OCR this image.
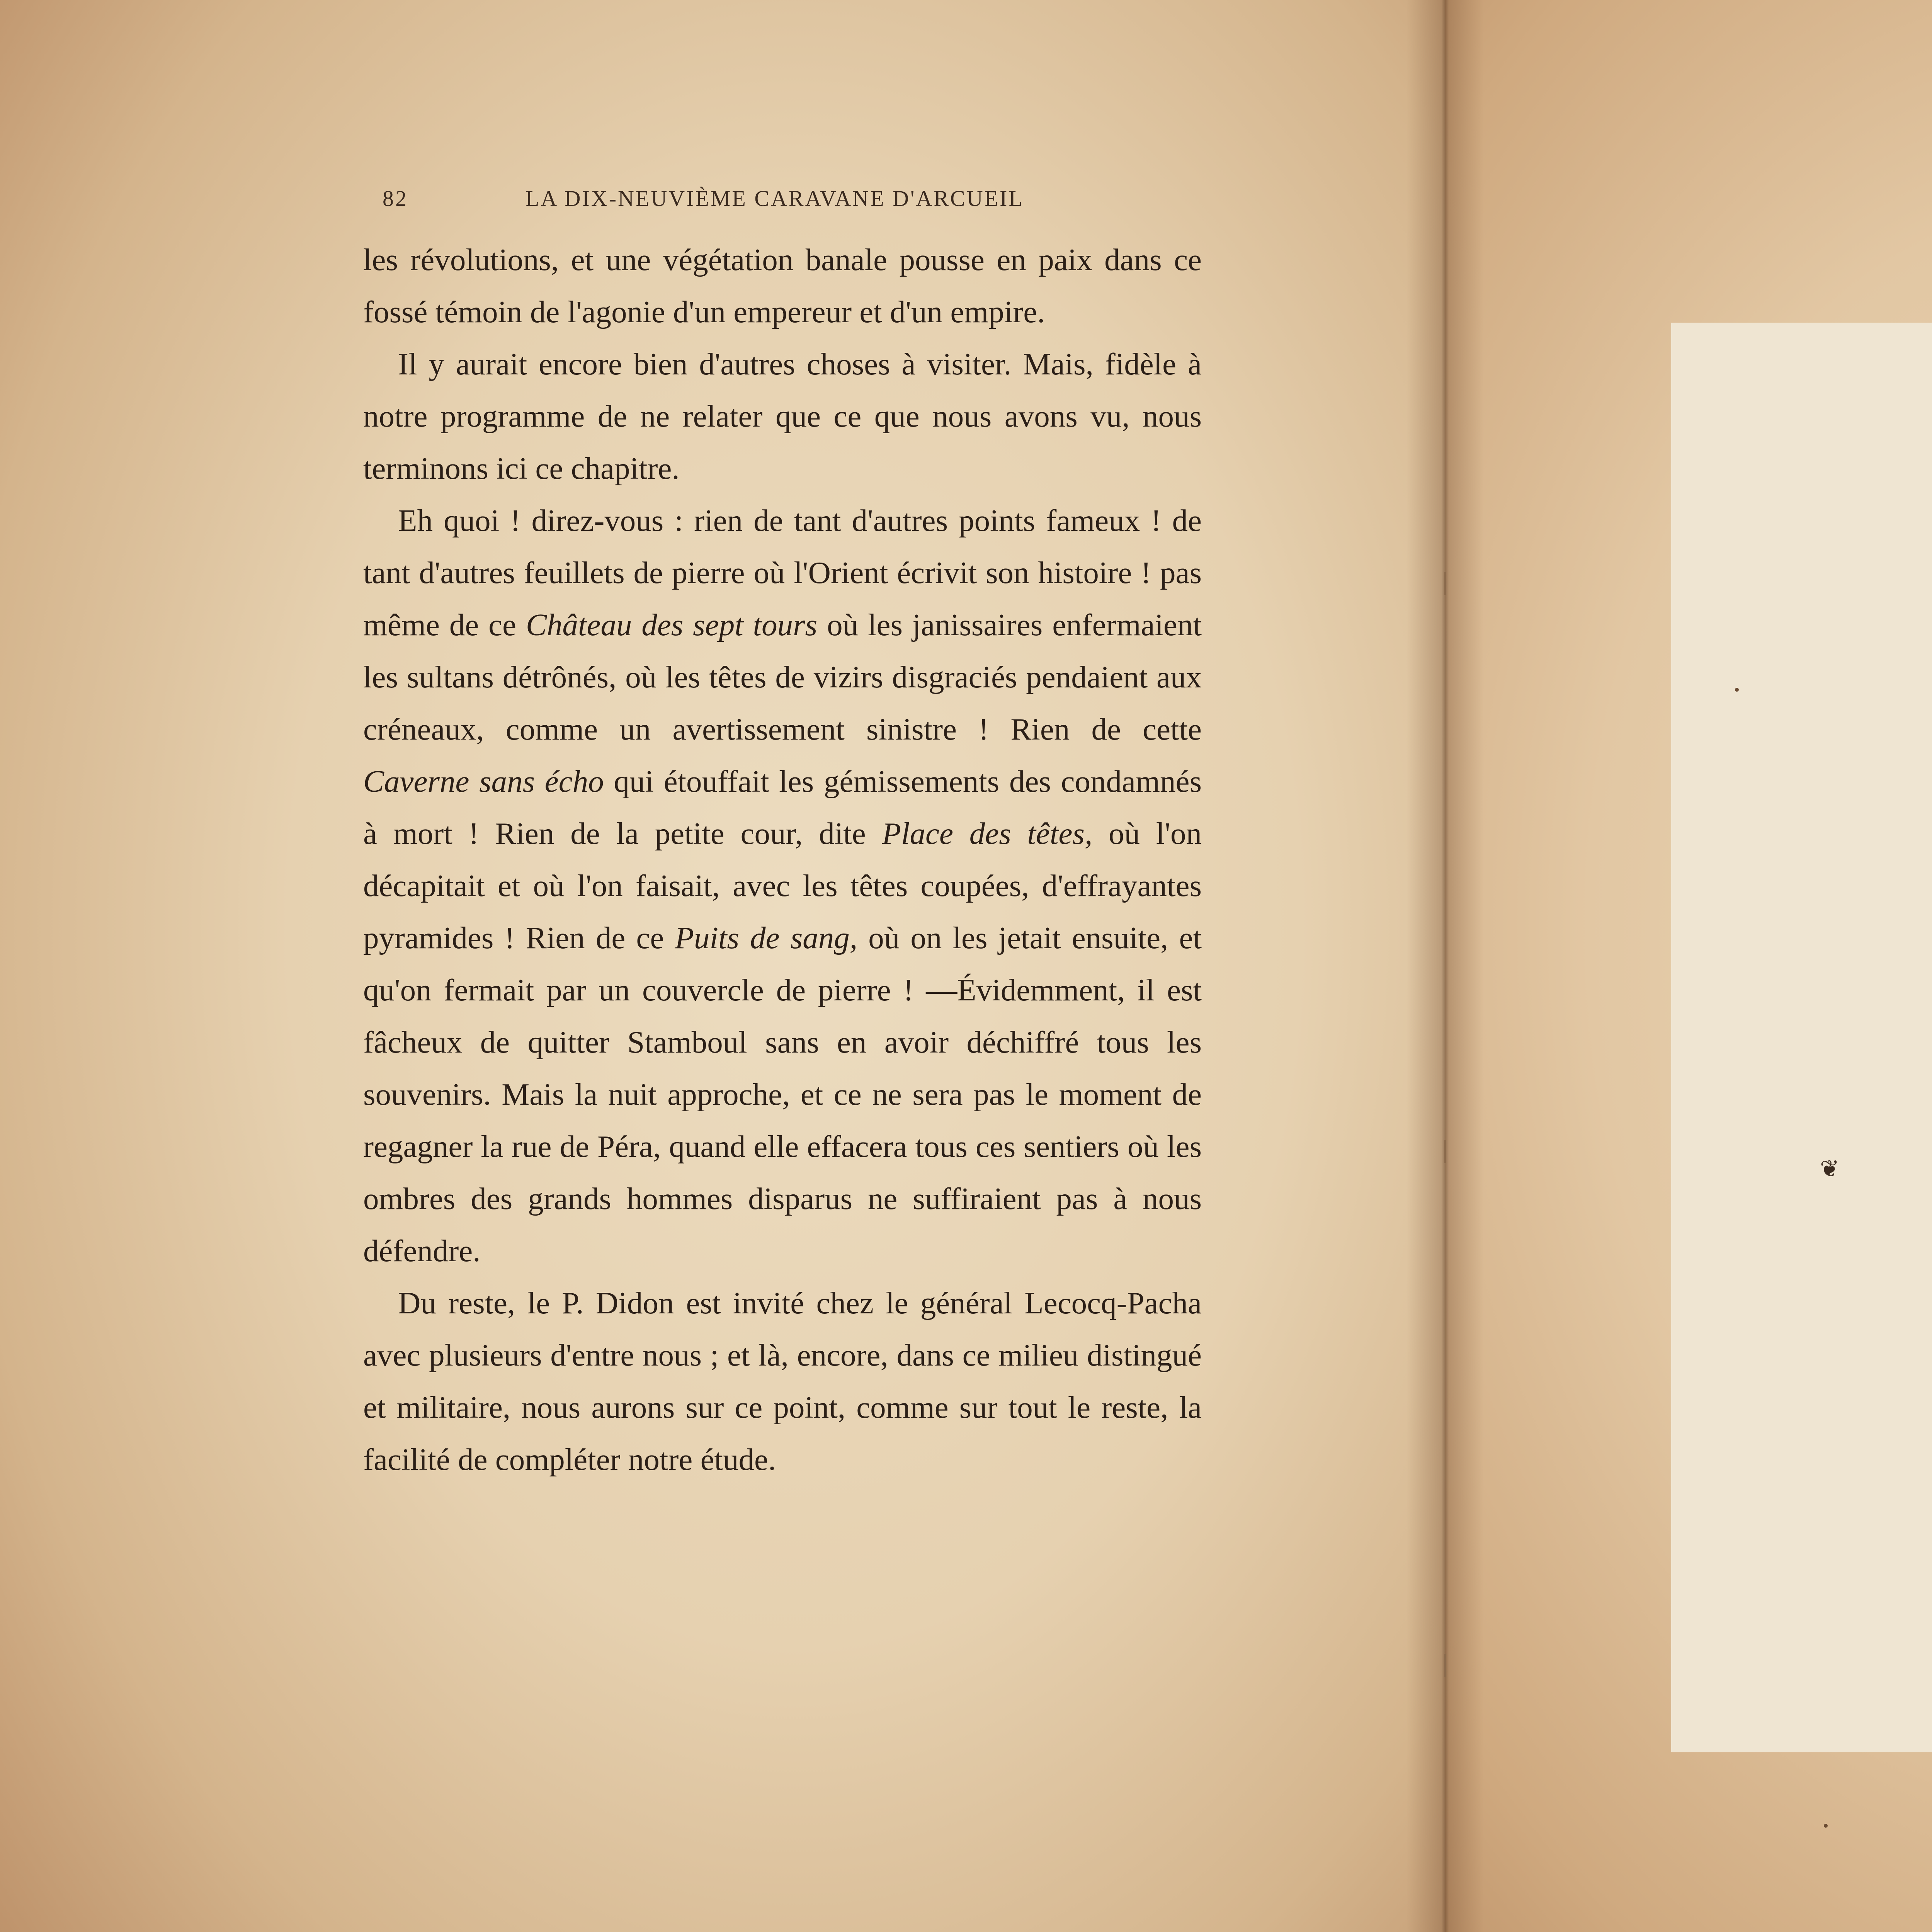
82	LA DIX-NEUVIÈME CARAVANE D'ARCUEIL

les révolutions, et une végétation banale pousse en paix dans ce fossé témoin de l'agonie d'un empereur et d'un empire.

Il y aurait encore bien d'autres choses à visiter. Mais, fidèle à notre programme de ne relater que ce que nous avons vu, nous terminons ici ce chapitre.

Eh quoi ! direz-vous : rien de tant d'autres points fameux ! de tant d'autres feuillets de pierre où l'Orient écrivit son histoire ! pas même de ce Château des sept tours où les janissaires enfermaient les sultans détrônés, où les têtes de vizirs disgraciés pendaient aux créneaux, comme un avertissement sinistre ! Rien de cette Caverne sans écho qui étouffait les gémissements des condamnés à mort ! Rien de la petite cour, dite Place des têtes, où l'on décapitait et où l'on faisait, avec les têtes coupées, d'effrayantes pyramides ! Rien de ce Puits de sang, où on les jetait ensuite, et qu'on fermait par un couvercle de pierre ! —Évidemment, il est fâcheux de quitter Stamboul sans en avoir déchiffré tous les souvenirs. Mais la nuit approche, et ce ne sera pas le moment de regagner la rue de Péra, quand elle effacera tous ces sentiers où les ombres des grands hommes disparus ne suffiraient pas à nous défendre.

Du reste, le P. Didon est invité chez le général Lecocq-Pacha avec plusieurs d'entre nous ; et là, encore, dans ce milieu distingué et militaire, nous aurons sur ce point, comme sur tout le reste, la facilité de compléter notre étude.

❦
